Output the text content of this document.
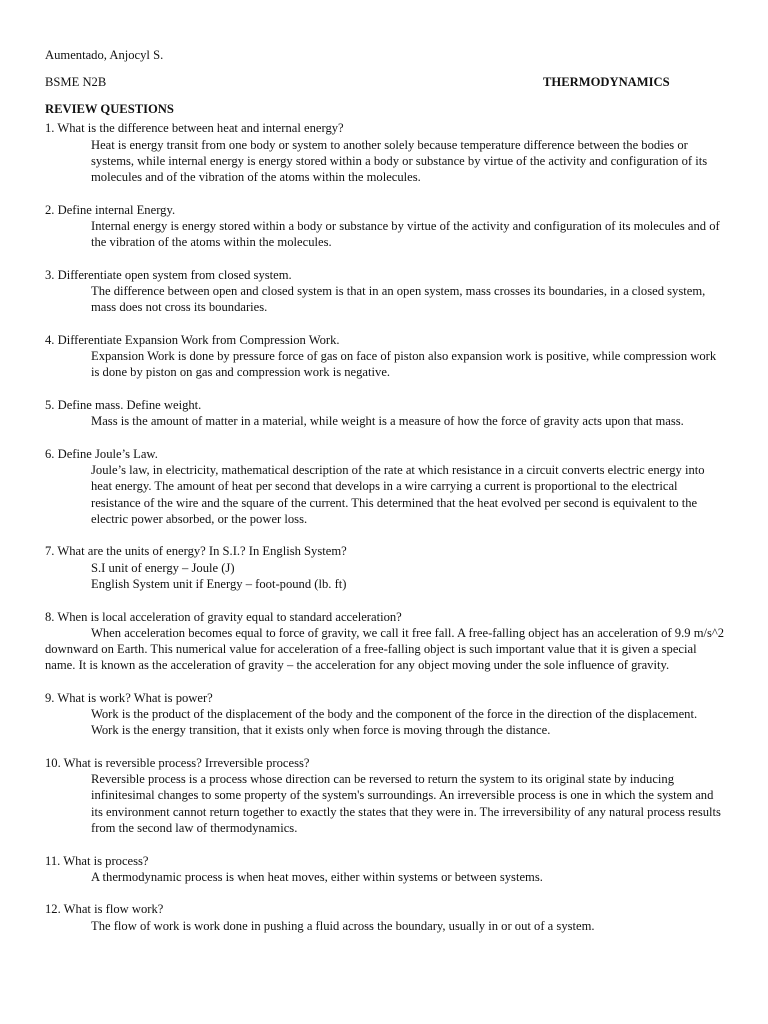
Aumentado, Anjocyl S.
BSME N2B	THERMODYNAMICS
REVIEW QUESTIONS
1. What is the difference between heat and internal energy?
Heat is energy transit from one body or system to another solely because temperature difference between the bodies or systems, while internal energy is energy stored within a body or substance by virtue of the activity and configuration of its molecules and of the vibration of the atoms within the molecules.
2. Define internal Energy.
Internal energy is energy stored within a body or substance by virtue of the activity and configuration of its molecules and of the vibration of the atoms within the molecules.
3. Differentiate open system from closed system.
The difference between open and closed system is that in an open system, mass crosses its boundaries, in a closed system, mass does not cross its boundaries.
4. Differentiate Expansion Work from Compression Work.
Expansion Work is done by pressure force of gas on face of piston also expansion work is positive, while compression work is done by piston on gas and compression work is negative.
5. Define mass. Define weight.
Mass is the amount of matter in a material, while weight is a measure of how the force of gravity acts upon that mass.
6. Define Joule’s Law.
Joule’s law, in electricity, mathematical description of the rate at which resistance in a circuit converts electric energy into heat energy. The amount of heat per second that develops in a wire carrying a current is proportional to the electrical resistance of the wire and the square of the current. This determined that the heat evolved per second is equivalent to the electric power absorbed, or the power loss.
7. What are the units of energy? In S.I.? In English System?
S.I unit of energy – Joule (J)
English System unit if Energy – foot-pound (lb. ft)
8. When is local acceleration of gravity equal to standard acceleration?
When acceleration becomes equal to force of gravity, we call it free fall. A free-falling object has an acceleration of 9.9 m/s^2 downward on Earth. This numerical value for acceleration of a free-falling object is such important value that it is given a special name. It is known as the acceleration of gravity – the acceleration for any object moving under the sole influence of gravity.
9. What is work? What is power?
Work is the product of the displacement of the body and the component of the force in the direction of the displacement. Work is the energy transition, that it exists only when force is moving through the distance.
10. What is reversible process? Irreversible process?
Reversible process is a process whose direction can be reversed to return the system to its original state by inducing infinitesimal changes to some property of the system's surroundings. An irreversible process is one in which the system and its environment cannot return together to exactly the states that they were in. The irreversibility of any natural process results from the second law of thermodynamics.
11. What is process?
A thermodynamic process is when heat moves, either within systems or between systems.
12. What is flow work?
The flow of work is work done in pushing a fluid across the boundary, usually in or out of a system.
